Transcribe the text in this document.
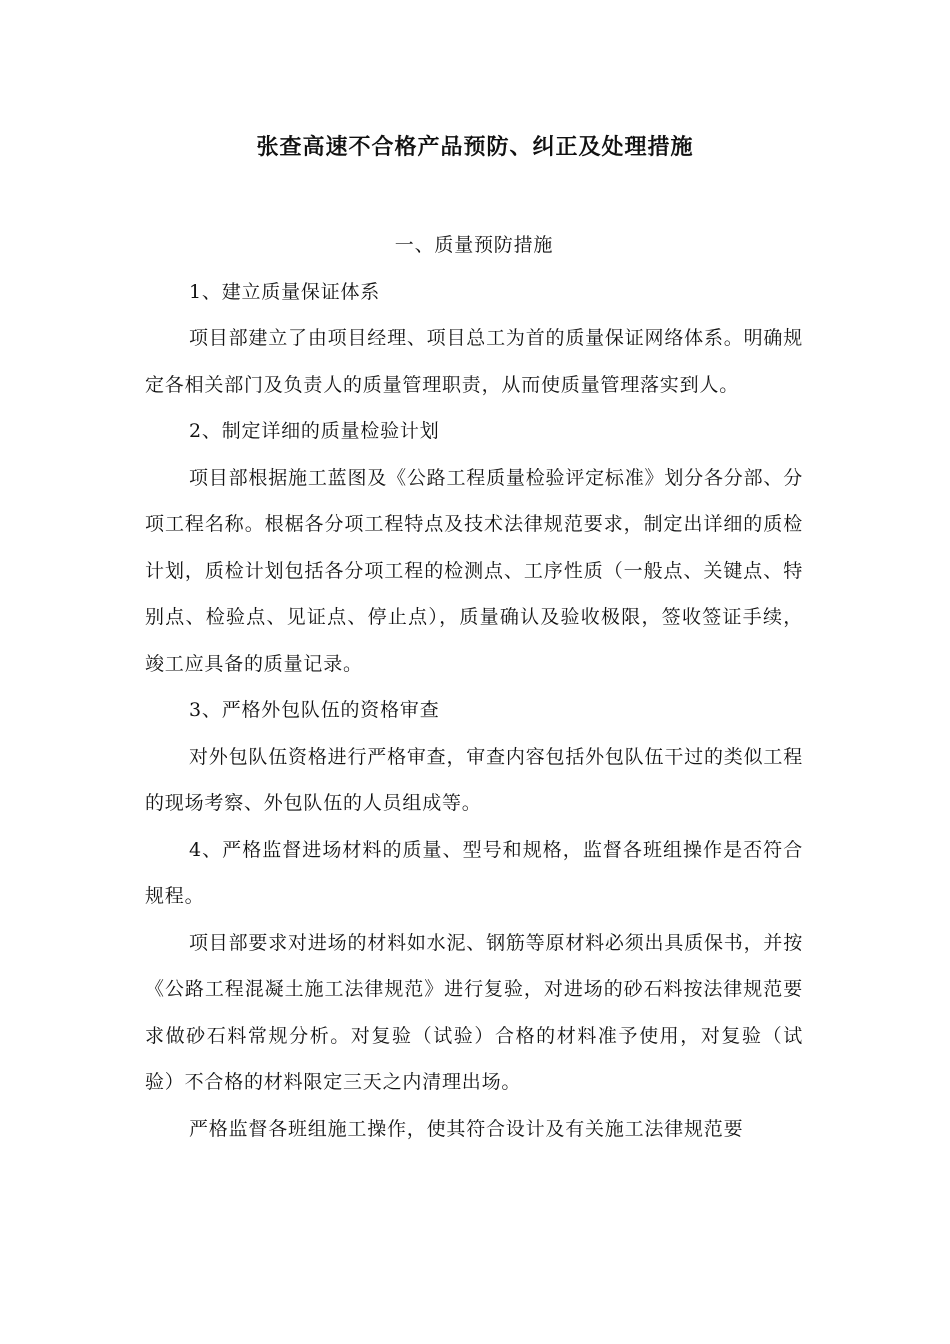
张查高速不合格产品预防、纠正及处理措施

一、质量预防措施

1、建立质量保证体系

项目部建立了由项目经理、项目总工为首的质量保证网络体系。明确规定各相关部门及负责人的质量管理职责，从而使质量管理落实到人。

2、制定详细的质量检验计划

项目部根据施工蓝图及《公路工程质量检验评定标准》划分各分部、分项工程名称。根椐各分项工程特点及技术法律规范要求，制定出详细的质检计划，质检计划包括各分项工程的检测点、工序性质（一般点、关键点、特别点、检验点、见证点、停止点），质量确认及验收极限，签收签证手续，竣工应具备的质量记录。

3、严格外包队伍的资格审查

对外包队伍资格进行严格审查，审查内容包括外包队伍干过的类似工程的现场考察、外包队伍的人员组成等。

4、严格监督进场材料的质量、型号和规格，监督各班组操作是否符合规程。

项目部要求对进场的材料如水泥、钢筋等原材料必须出具质保书，并按《公路工程混凝土施工法律规范》进行复验，对进场的砂石料按法律规范要求做砂石料常规分析。对复验（试验）合格的材料准予使用，对复验（试验）不合格的材料限定三天之内清理出场。

严格监督各班组施工操作，使其符合设计及有关施工法律规范要
